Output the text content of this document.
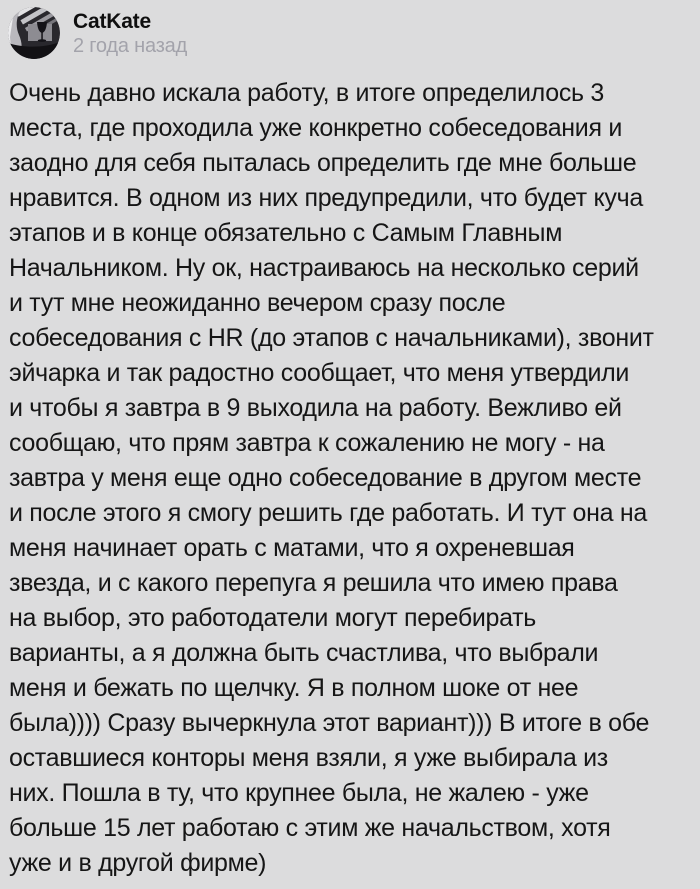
CatKate
2 года назад
Очень давно искала работу, в итоге определилось 3
места, где проходила уже конкретно собеседования и
заодно для себя пыталась определить где мне больше
нравится. В одном из них предупредили, что будет куча
этапов и в конце обязательно с Самым Главным
Начальником. Ну ок, настраиваюсь на несколько серий
и тут мне неожиданно вечером сразу после
собеседования с HR (до этапов с начальниками), звонит
эйчарка и так радостно сообщает, что меня утвердили
и чтобы я завтра в 9 выходила на работу. Вежливо ей
сообщаю, что прям завтра к сожалению не могу - на
завтра у меня еще одно собеседование в другом месте
и после этого я смогу решить где работать. И тут она на
меня начинает орать с матами, что я охреневшая
звезда, и с какого перепуга я решила что имею права
на выбор, это работодатели могут перебирать
варианты, а я должна быть счастлива, что выбрали
меня и бежать по щелчку. Я в полном шоке от нее
была)))) Сразу вычеркнула этот вариант))) В итоге в обе
оставшиеся конторы меня взяли, я уже выбирала из
них. Пошла в ту, что крупнее была, не жалею - уже
больше 15 лет работаю с этим же начальством, хотя
уже и в другой фирме)
